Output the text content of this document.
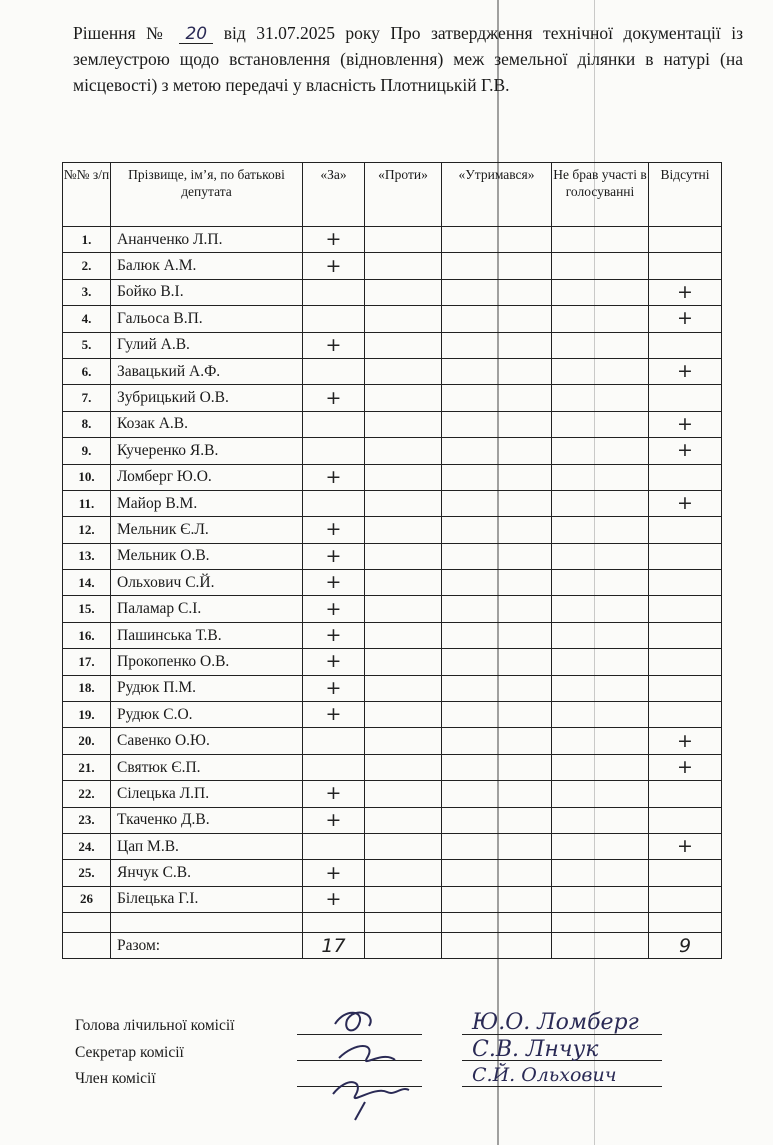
Рішення № 20 від 31.07.2025 року Про затвердження технічної документації із землеустрою щодо встановлення (відновлення) меж земельної ділянки в натурі (на місцевості) з метою передачі у власність Плотницькій Г.В.
№№ з/п	Прізвище, ім’я, по батькові депутата	«За»	«Проти»	«Утримався»	Не брав участі в голосуванні	Відсутні
1.	Ананченко Л.П.	+				
2.	Балюк А.М.	+				
3.	Бойко В.І.					+
4.	Гальоса В.П.					+
5.	Гулий А.В.	+				
6.	Завацький А.Ф.					+
7.	Зубрицький О.В.	+				
8.	Козак А.В.					+
9.	Кучеренко Я.В.					+
10.	Ломберг Ю.О.	+				
11.	Майор В.М.					+
12.	Мельник Є.Л.	+				
13.	Мельник О.В.	+				
14.	Ольхович С.Й.	+				
15.	Паламар С.І.	+				
16.	Пашинська Т.В.	+				
17.	Прокопенко О.В.	+				
18.	Рудюк П.М.	+				
19.	Рудюк С.О.	+				
20.	Савенко О.Ю.					+
21.	Святюк Є.П.					+
22.	Сілецька Л.П.	+				
23.	Ткаченко Д.В.	+				
24.	Цап М.В.					+
25.	Янчук С.В.	+				
26	Білецька Г.І.	+				

	Разом:	17				9
Голова лічильної комісії
Секретар комісії
Член комісії
Ю.О. Ломберг
С.В. Лнчук
С.Й. Ольхович
